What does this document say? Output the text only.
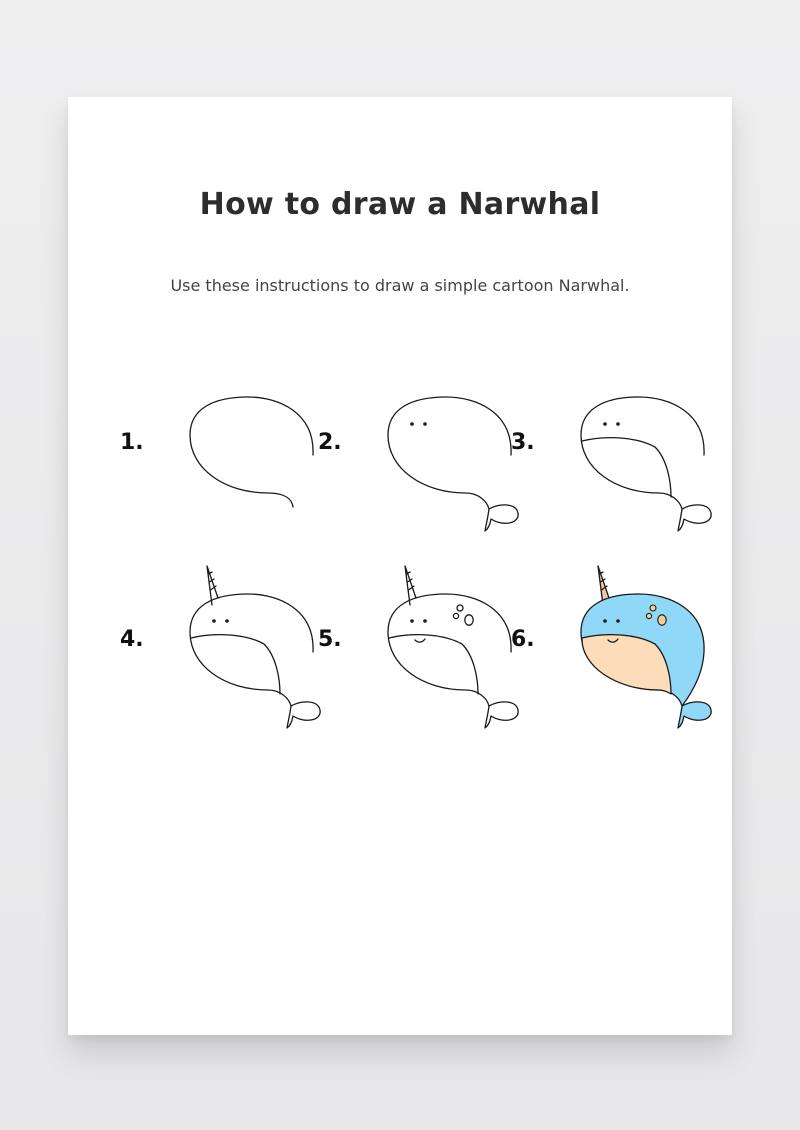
How to draw a Narwhal
Use these instructions to draw a simple cartoon Narwhal.
1.	2.	3.
4.	5.	6.
